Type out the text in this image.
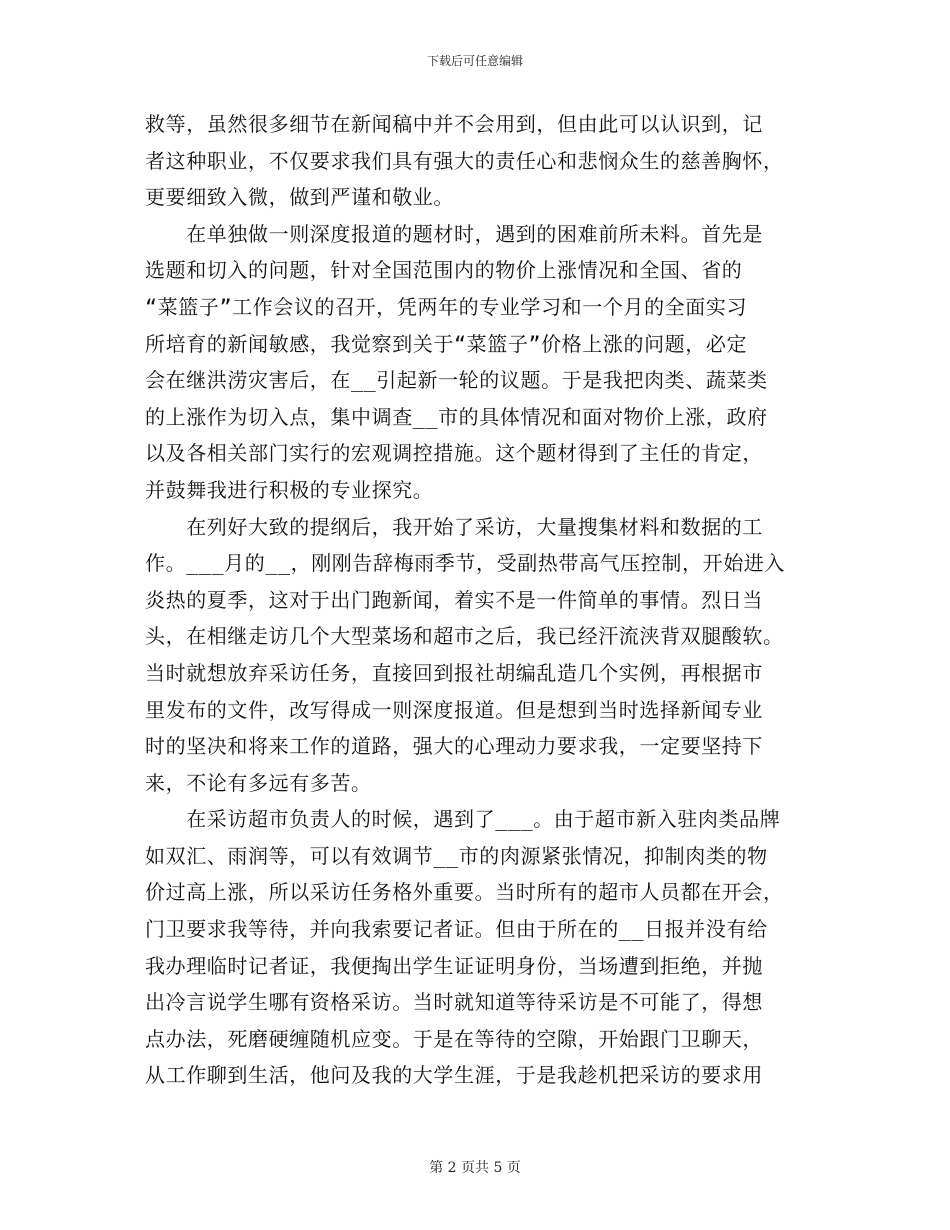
下载后可任意编辑

救等，虽然很多细节在新闻稿中并不会用到，但由此可以认识到，记
者这种职业，不仅要求我们具有强大的责任心和悲悯众生的慈善胸怀，
更要细致入微，做到严谨和敬业。

　　在单独做一则深度报道的题材时，遇到的困难前所未料。首先是
选题和切入的问题，针对全国范围内的物价上涨情况和全国、省的
“菜篮子”工作会议的召开，凭两年的专业学习和一个月的全面实习
所培育的新闻敏感，我觉察到关于“菜篮子”价格上涨的问题，必定
会在继洪涝灾害后，在__引起新一轮的议题。于是我把肉类、蔬菜类
的上涨作为切入点，集中调查__市的具体情况和面对物价上涨，政府
以及各相关部门实行的宏观调控措施。这个题材得到了主任的肯定，
并鼓舞我进行积极的专业探究。

　　在列好大致的提纲后，我开始了采访，大量搜集材料和数据的工
作。___月的__，刚刚告辞梅雨季节，受副热带高气压控制，开始进入
炎热的夏季，这对于出门跑新闻，着实不是一件简单的事情。烈日当
头，在相继走访几个大型菜场和超市之后，我已经汗流浃背双腿酸软。
当时就想放弃采访任务，直接回到报社胡编乱造几个实例，再根据市
里发布的文件，改写得成一则深度报道。但是想到当时选择新闻专业
时的坚决和将来工作的道路，强大的心理动力要求我，一定要坚持下
来，不论有多远有多苦。

　　在采访超市负责人的时候，遇到了___。由于超市新入驻肉类品牌
如双汇、雨润等，可以有效调节__市的肉源紧张情况，抑制肉类的物
价过高上涨，所以采访任务格外重要。当时所有的超市人员都在开会，
门卫要求我等待，并向我索要记者证。但由于所在的__日报并没有给
我办理临时记者证，我便掏出学生证证明身份，当场遭到拒绝，并抛
出冷言说学生哪有资格采访。当时就知道等待采访是不可能了，得想
点办法，死磨硬缠随机应变。于是在等待的空隙，开始跟门卫聊天，
从工作聊到生活，他问及我的大学生涯，于是我趁机把采访的要求用

第 2 页共 5 页
